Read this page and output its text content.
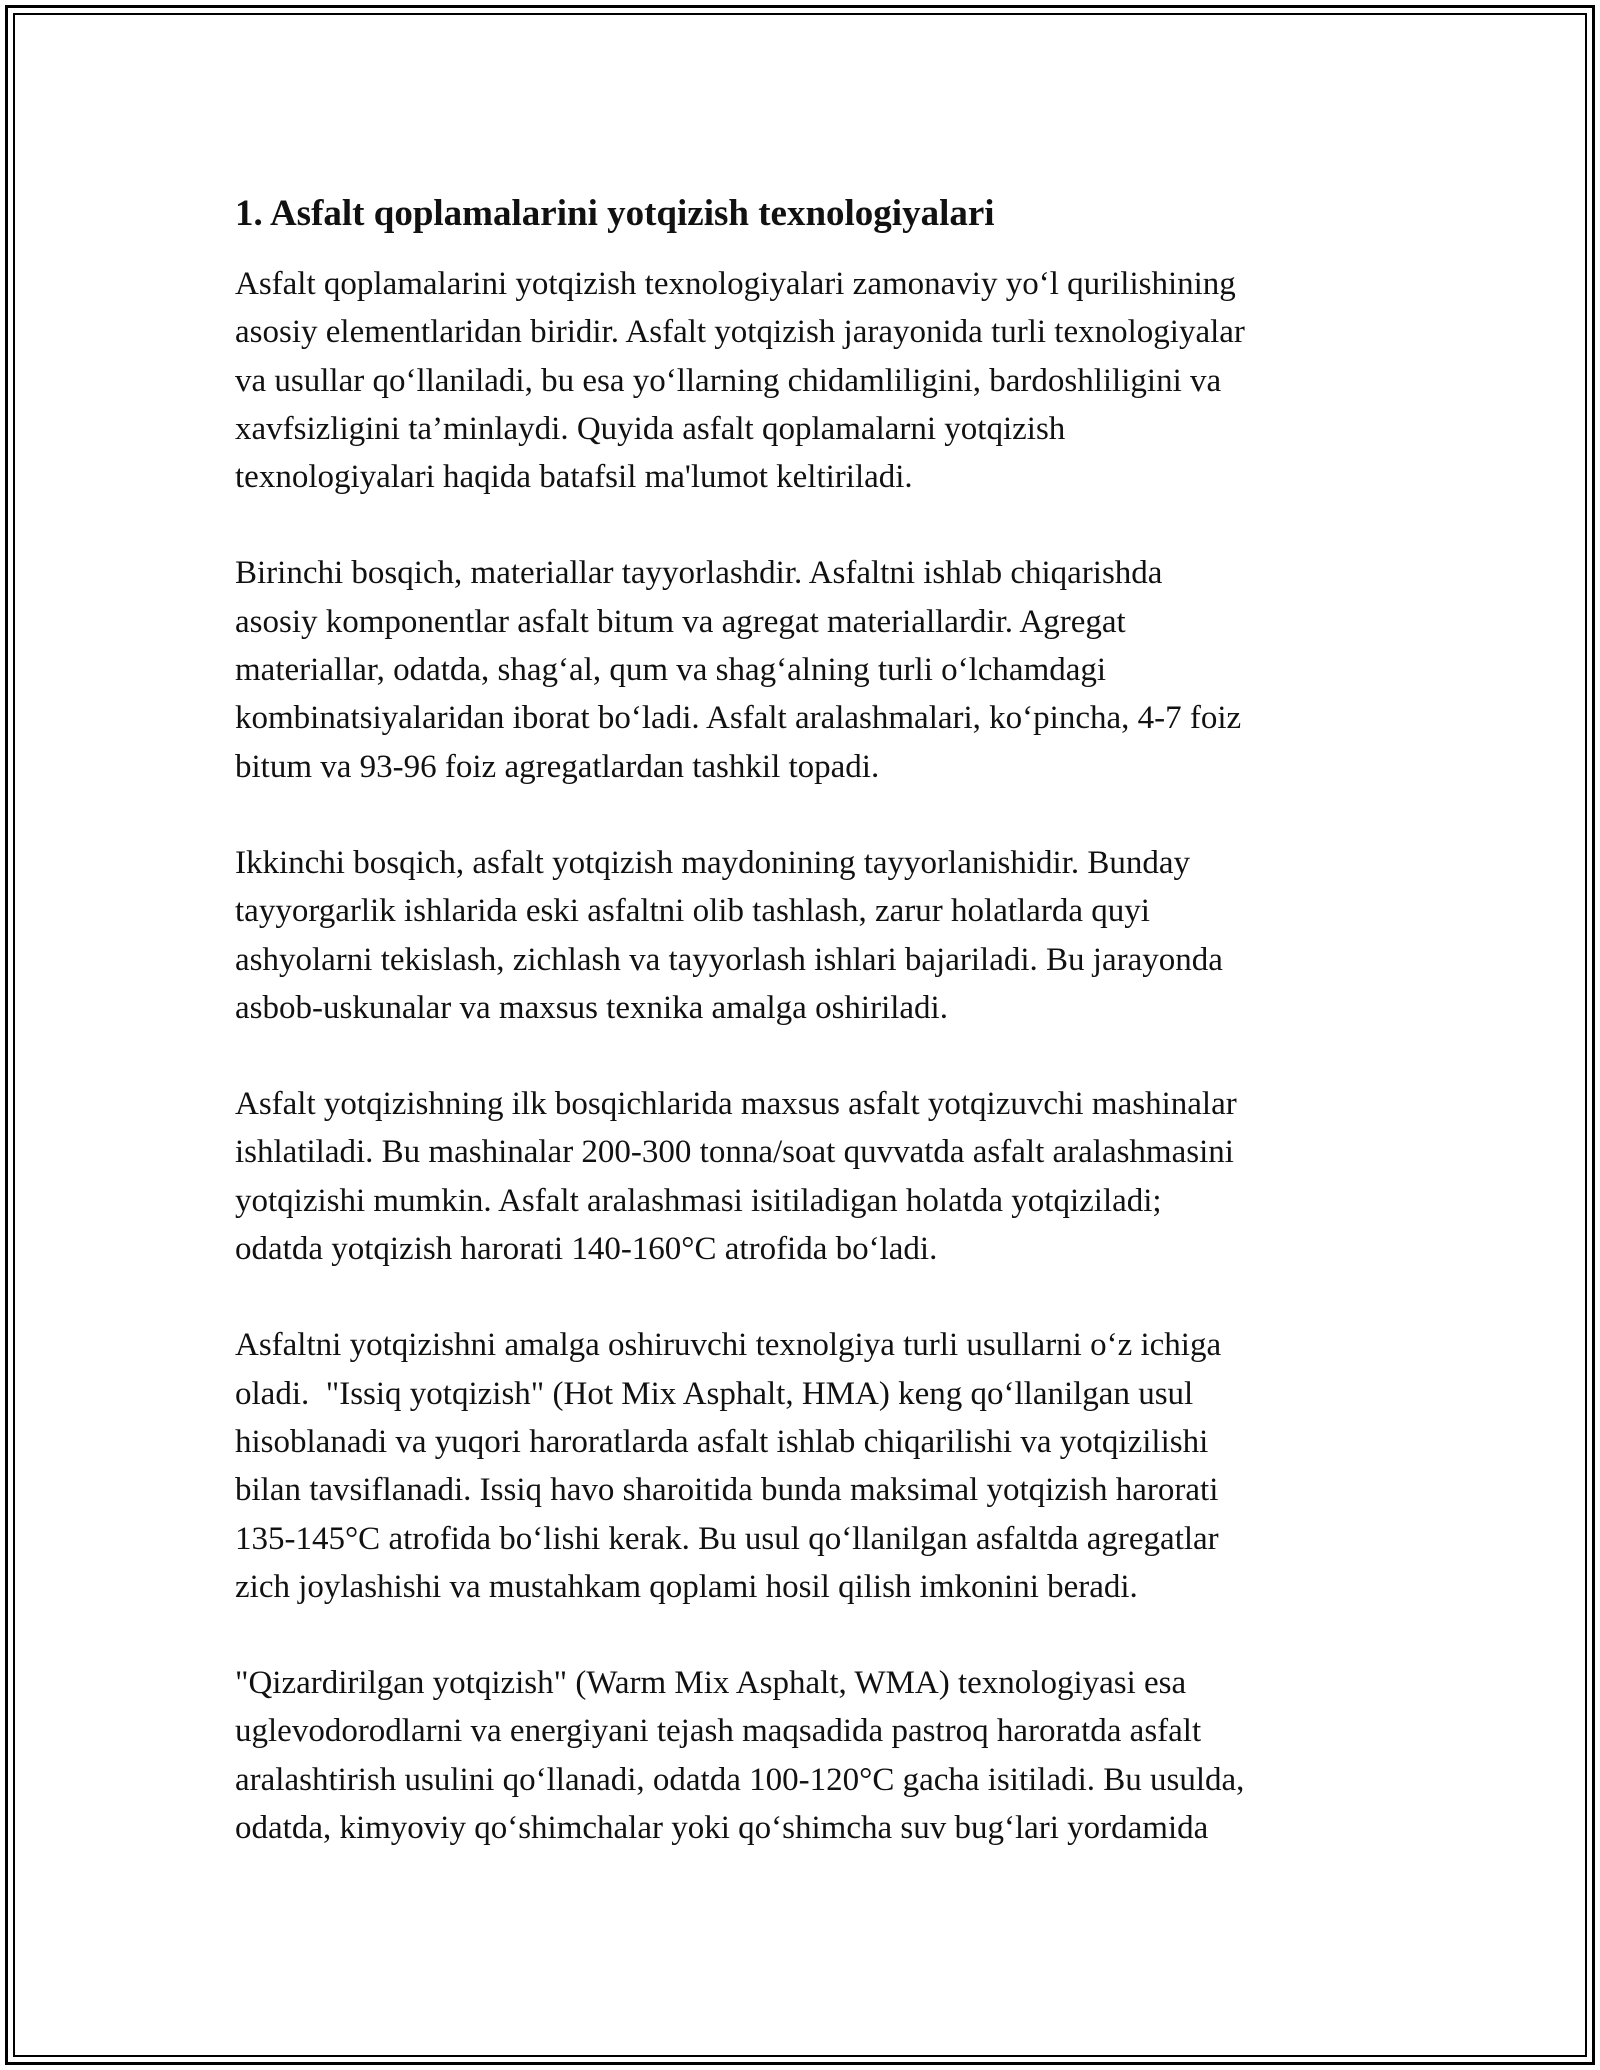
1. Asfalt qoplamalarini yotqizish texnologiyalari

Asfalt qoplamalarini yotqizish texnologiyalari zamonaviy yo‘l qurilishining
asosiy elementlaridan biridir. Asfalt yotqizish jarayonida turli texnologiyalar
va usullar qo‘llaniladi, bu esa yo‘llarning chidamliligini, bardoshliligini va
xavfsizligini ta’minlaydi. Quyida asfalt qoplamalarni yotqizish
texnologiyalari haqida batafsil ma'lumot keltiriladi.

Birinchi bosqich, materiallar tayyorlashdir. Asfaltni ishlab chiqarishda
asosiy komponentlar asfalt bitum va agregat materiallardir. Agregat
materiallar, odatda, shag‘al, qum va shag‘alning turli o‘lchamdagi
kombinatsiyalaridan iborat bo‘ladi. Asfalt aralashmalari, ko‘pincha, 4-7 foiz
bitum va 93-96 foiz agregatlardan tashkil topadi.

Ikkinchi bosqich, asfalt yotqizish maydonining tayyorlanishidir. Bunday
tayyorgarlik ishlarida eski asfaltni olib tashlash, zarur holatlarda quyi
ashyolarni tekislash, zichlash va tayyorlash ishlari bajariladi. Bu jarayonda
asbob-uskunalar va maxsus texnika amalga oshiriladi.

Asfalt yotqizishning ilk bosqichlarida maxsus asfalt yotqizuvchi mashinalar
ishlatiladi. Bu mashinalar 200-300 tonna/soat quvvatda asfalt aralashmasini
yotqizishi mumkin. Asfalt aralashmasi isitiladigan holatda yotqiziladi;
odatda yotqizish harorati 140-160°C atrofida bo‘ladi.

Asfaltni yotqizishni amalga oshiruvchi texnolgiya turli usullarni o‘z ichiga
oladi.  "Issiq yotqizish" (Hot Mix Asphalt, HMA) keng qo‘llanilgan usul
hisoblanadi va yuqori haroratlarda asfalt ishlab chiqarilishi va yotqizilishi
bilan tavsiflanadi. Issiq havo sharoitida bunda maksimal yotqizish harorati
135-145°C atrofida bo‘lishi kerak. Bu usul qo‘llanilgan asfaltda agregatlar
zich joylashishi va mustahkam qoplami hosil qilish imkonini beradi.

"Qizardirilgan yotqizish" (Warm Mix Asphalt, WMA) texnologiyasi esa
uglevodorodlarni va energiyani tejash maqsadida pastroq haroratda asfalt
aralashtirish usulini qo‘llanadi, odatda 100-120°C gacha isitiladi. Bu usulda,
odatda, kimyoviy qo‘shimchalar yoki qo‘shimcha suv bug‘lari yordamida
